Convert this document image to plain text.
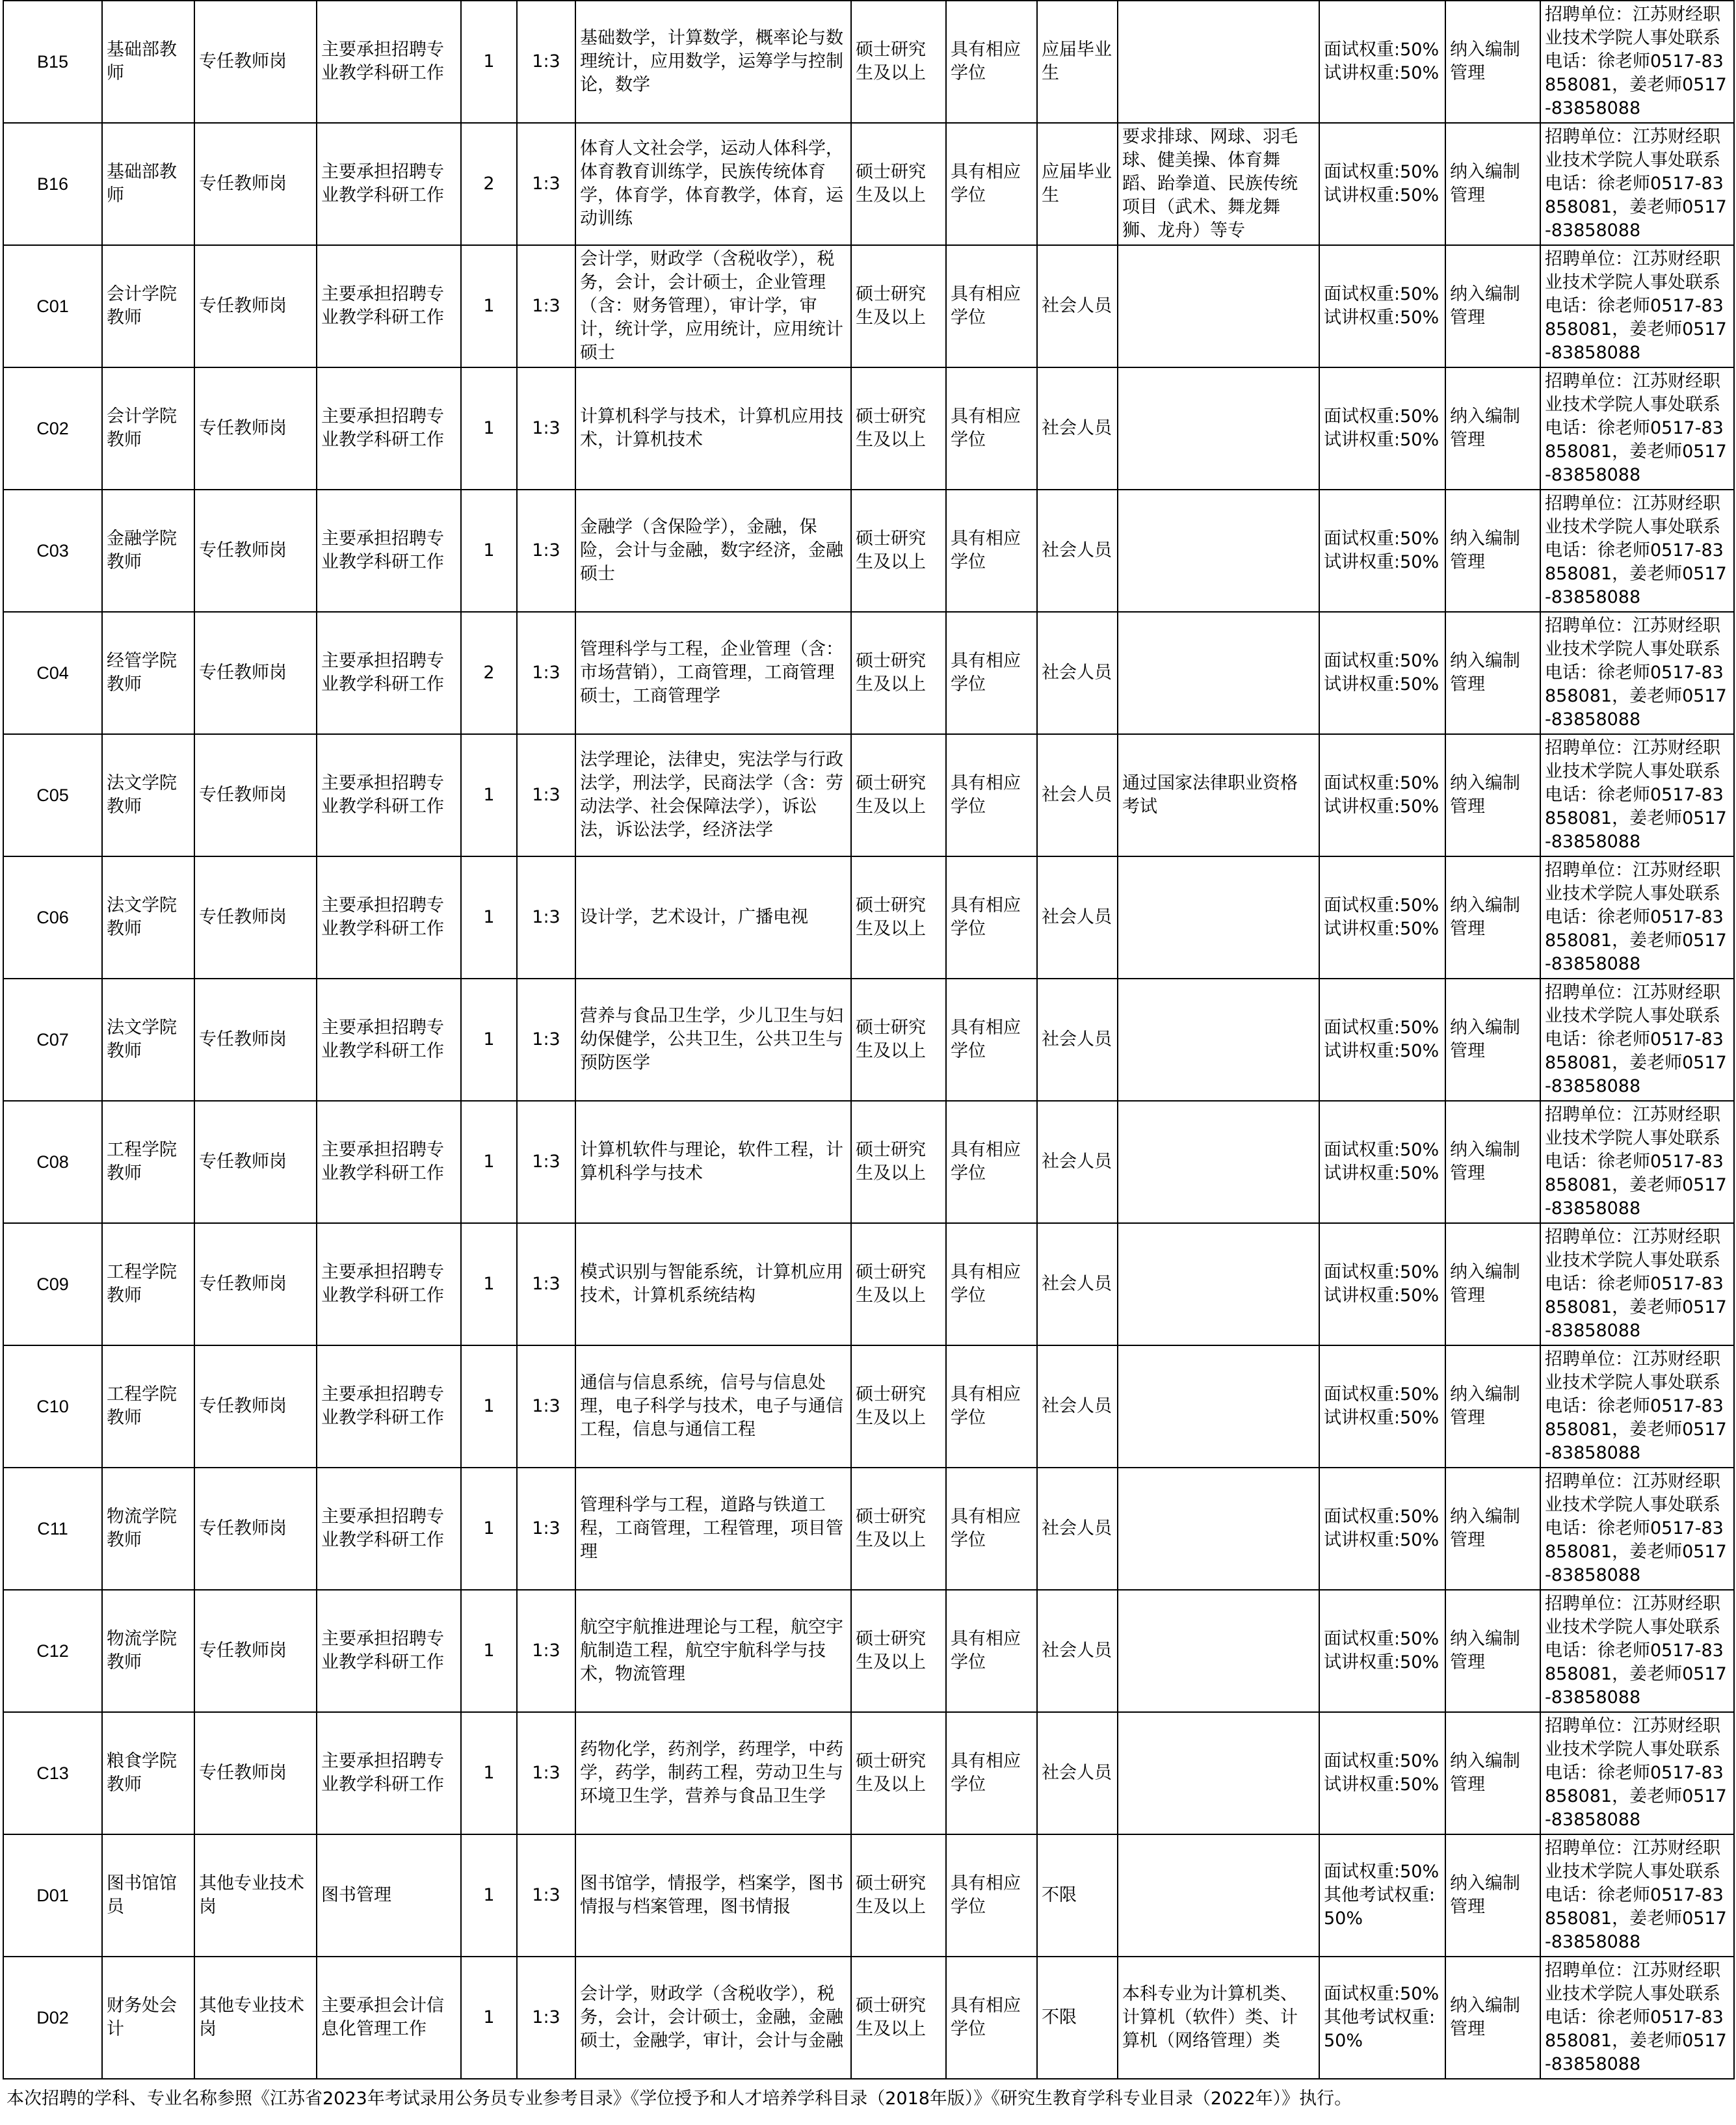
B15	基础部教师	专任教师岗	主要承担招聘专业教学科研工作	1	1:3	基础数学，计算数学，概率论与数理统计，应用数学，运筹学与控制论，数学	硕士研究生及以上	具有相应学位	应届毕业生		面试权重:50% 试讲权重:50%	纳入编制管理	招聘单位：江苏财经职业技术学院人事处联系电话：徐老师0517-83858081，姜老师0517-83858088
B16	基础部教师	专任教师岗	主要承担招聘专业教学科研工作	2	1:3	体育人文社会学，运动人体科学，体育教育训练学，民族传统体育学，体育学，体育教学，体育，运动训练	硕士研究生及以上	具有相应学位	应届毕业生	要求排球、网球、羽毛球、健美操、体育舞蹈、跆拳道、民族传统项目（武术、舞龙舞狮、龙舟）等专	面试权重:50% 试讲权重:50%	纳入编制管理	招聘单位：江苏财经职业技术学院人事处联系电话：徐老师0517-83858081，姜老师0517-83858088
C01	会计学院教师	专任教师岗	主要承担招聘专业教学科研工作	1	1:3	会计学，财政学（含税收学），税务，会计，会计硕士，企业管理（含：财务管理），审计学，审计，统计学，应用统计，应用统计硕士	硕士研究生及以上	具有相应学位	社会人员		面试权重:50% 试讲权重:50%	纳入编制管理	招聘单位：江苏财经职业技术学院人事处联系电话：徐老师0517-83858081，姜老师0517-83858088
C02	会计学院教师	专任教师岗	主要承担招聘专业教学科研工作	1	1:3	计算机科学与技术，计算机应用技术，计算机技术	硕士研究生及以上	具有相应学位	社会人员		面试权重:50% 试讲权重:50%	纳入编制管理	招聘单位：江苏财经职业技术学院人事处联系电话：徐老师0517-83858081，姜老师0517-83858088
C03	金融学院教师	专任教师岗	主要承担招聘专业教学科研工作	1	1:3	金融学（含保险学），金融，保险，会计与金融，数字经济，金融硕士	硕士研究生及以上	具有相应学位	社会人员		面试权重:50% 试讲权重:50%	纳入编制管理	招聘单位：江苏财经职业技术学院人事处联系电话：徐老师0517-83858081，姜老师0517-83858088
C04	经管学院教师	专任教师岗	主要承担招聘专业教学科研工作	2	1:3	管理科学与工程，企业管理（含：市场营销），工商管理，工商管理硕士，工商管理学	硕士研究生及以上	具有相应学位	社会人员		面试权重:50% 试讲权重:50%	纳入编制管理	招聘单位：江苏财经职业技术学院人事处联系电话：徐老师0517-83858081，姜老师0517-83858088
C05	法文学院教师	专任教师岗	主要承担招聘专业教学科研工作	1	1:3	法学理论，法律史，宪法学与行政法学，刑法学，民商法学（含：劳动法学、社会保障法学），诉讼法，诉讼法学，经济法学	硕士研究生及以上	具有相应学位	社会人员	通过国家法律职业资格考试	面试权重:50% 试讲权重:50%	纳入编制管理	招聘单位：江苏财经职业技术学院人事处联系电话：徐老师0517-83858081，姜老师0517-83858088
C06	法文学院教师	专任教师岗	主要承担招聘专业教学科研工作	1	1:3	设计学，艺术设计，广播电视	硕士研究生及以上	具有相应学位	社会人员		面试权重:50% 试讲权重:50%	纳入编制管理	招聘单位：江苏财经职业技术学院人事处联系电话：徐老师0517-83858081，姜老师0517-83858088
C07	法文学院教师	专任教师岗	主要承担招聘专业教学科研工作	1	1:3	营养与食品卫生学，少儿卫生与妇幼保健学，公共卫生，公共卫生与预防医学	硕士研究生及以上	具有相应学位	社会人员		面试权重:50% 试讲权重:50%	纳入编制管理	招聘单位：江苏财经职业技术学院人事处联系电话：徐老师0517-83858081，姜老师0517-83858088
C08	工程学院教师	专任教师岗	主要承担招聘专业教学科研工作	1	1:3	计算机软件与理论，软件工程，计算机科学与技术	硕士研究生及以上	具有相应学位	社会人员		面试权重:50% 试讲权重:50%	纳入编制管理	招聘单位：江苏财经职业技术学院人事处联系电话：徐老师0517-83858081，姜老师0517-83858088
C09	工程学院教师	专任教师岗	主要承担招聘专业教学科研工作	1	1:3	模式识别与智能系统，计算机应用技术，计算机系统结构	硕士研究生及以上	具有相应学位	社会人员		面试权重:50% 试讲权重:50%	纳入编制管理	招聘单位：江苏财经职业技术学院人事处联系电话：徐老师0517-83858081，姜老师0517-83858088
C10	工程学院教师	专任教师岗	主要承担招聘专业教学科研工作	1	1:3	通信与信息系统，信号与信息处理，电子科学与技术，电子与通信工程，信息与通信工程	硕士研究生及以上	具有相应学位	社会人员		面试权重:50% 试讲权重:50%	纳入编制管理	招聘单位：江苏财经职业技术学院人事处联系电话：徐老师0517-83858081，姜老师0517-83858088
C11	物流学院教师	专任教师岗	主要承担招聘专业教学科研工作	1	1:3	管理科学与工程，道路与铁道工程，工商管理，工程管理，项目管理	硕士研究生及以上	具有相应学位	社会人员		面试权重:50% 试讲权重:50%	纳入编制管理	招聘单位：江苏财经职业技术学院人事处联系电话：徐老师0517-83858081，姜老师0517-83858088
C12	物流学院教师	专任教师岗	主要承担招聘专业教学科研工作	1	1:3	航空宇航推进理论与工程，航空宇航制造工程，航空宇航科学与技术，物流管理	硕士研究生及以上	具有相应学位	社会人员		面试权重:50% 试讲权重:50%	纳入编制管理	招聘单位：江苏财经职业技术学院人事处联系电话：徐老师0517-83858081，姜老师0517-83858088
C13	粮食学院教师	专任教师岗	主要承担招聘专业教学科研工作	1	1:3	药物化学，药剂学，药理学，中药学，药学，制药工程，劳动卫生与环境卫生学，营养与食品卫生学	硕士研究生及以上	具有相应学位	社会人员		面试权重:50% 试讲权重:50%	纳入编制管理	招聘单位：江苏财经职业技术学院人事处联系电话：徐老师0517-83858081，姜老师0517-83858088
D01	图书馆馆员	其他专业技术岗	图书管理	1	1:3	图书馆学，情报学，档案学，图书情报与档案管理，图书情报	硕士研究生及以上	具有相应学位	不限		面试权重:50% 其他考试权重:50%	纳入编制管理	招聘单位：江苏财经职业技术学院人事处联系电话：徐老师0517-83858081，姜老师0517-83858088
D02	财务处会计	其他专业技术岗	主要承担会计信息化管理工作	1	1:3	会计学，财政学（含税收学），税务，会计，会计硕士，金融，金融硕士，金融学，审计，会计与金融	硕士研究生及以上	具有相应学位	不限	本科专业为计算机类、计算机（软件）类、计算机（网络管理）类	面试权重:50% 其他考试权重:50%	纳入编制管理	招聘单位：江苏财经职业技术学院人事处联系电话：徐老师0517-83858081，姜老师0517-83858088
本次招聘的学科、专业名称参照《江苏省2023年考试录用公务员专业参考目录》《学位授予和人才培养学科目录（2018年版）》《研究生教育学科专业目录（2022年）》执行。
